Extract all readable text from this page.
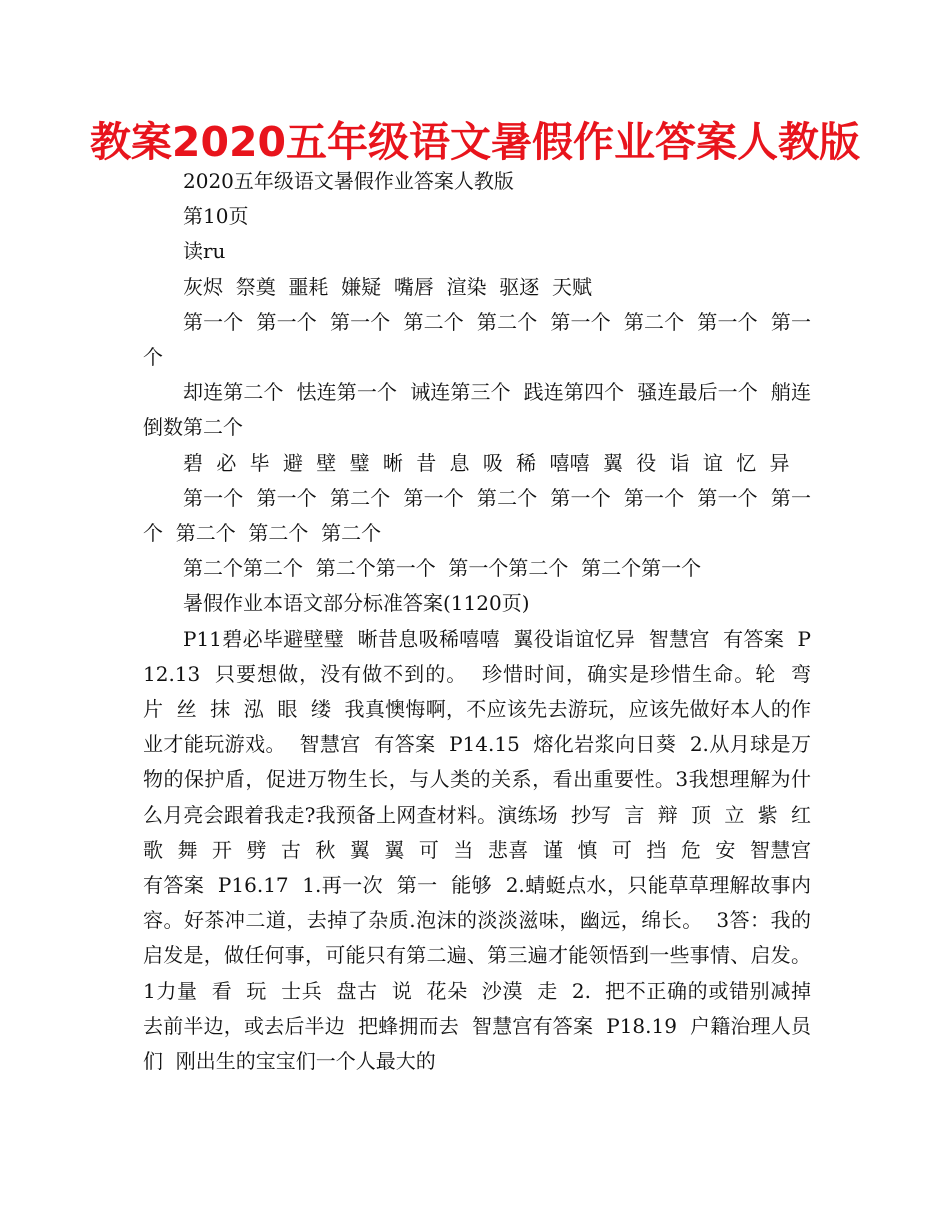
教案2020五年级语文暑假作业答案人教版

2020五年级语文暑假作业答案人教版

第10页

读ru

灰烬  祭奠  噩耗  嫌疑  嘴唇  渲染  驱逐  天赋

第一个  第一个  第一个  第二个  第二个  第一个  第二个  第一个  第一个

却连第二个  怯连第一个  诫连第三个  践连第四个  骚连最后一个  艄连倒数第二个

碧  必  毕  避  壁  璧  晰  昔  息  吸  稀  嘻嘻  翼  役  诣  谊  忆  异

第一个  第一个  第二个  第一个  第二个  第一个  第一个  第一个  第一个  第二个  第二个  第二个

第二个第二个  第二个第一个  第一个第二个  第二个第一个

暑假作业本语文部分标准答案(1120页)

P11碧必毕避壁璧  晰昔息吸稀嘻嘻  翼役诣谊忆异  智慧宫  有答案  P12.13  只要想做，没有做不到的。  珍惜时间，确实是珍惜生命。轮  弯  片  丝  抹  泓  眼  缕  我真懊悔啊，不应该先去游玩，应该先做好本人的作业才能玩游戏。  智慧宫  有答案  P14.15  熔化岩浆向日葵  2.从月球是万物的保护盾，促进万物生长，与人类的关系，看出重要性。3我想理解为什么月亮会跟着我走?我预备上网查材料。演练场  抄写  言  辩  顶  立  紫  红  歌  舞  开  劈  古  秋  翼  翼  可  当  悲喜  谨  慎  可  挡  危  安  智慧宫  有答案  P16.17  1.再一次  第一  能够  2.蜻蜓点水，只能草草理解故事内容。好茶冲二道，去掉了杂质.泡沫的淡淡滋味，幽远，绵长。  3答：我的启发是，做任何事，可能只有第二遍、第三遍才能领悟到一些事情、启发。  1力量  看  玩  士兵  盘古  说  花朵  沙漠  走  2.  把不正确的或错别减掉  去前半边，或去后半边  把蜂拥而去  智慧宫有答案  P18.19  户籍治理人员们  刚出生的宝宝们一个人最大的
